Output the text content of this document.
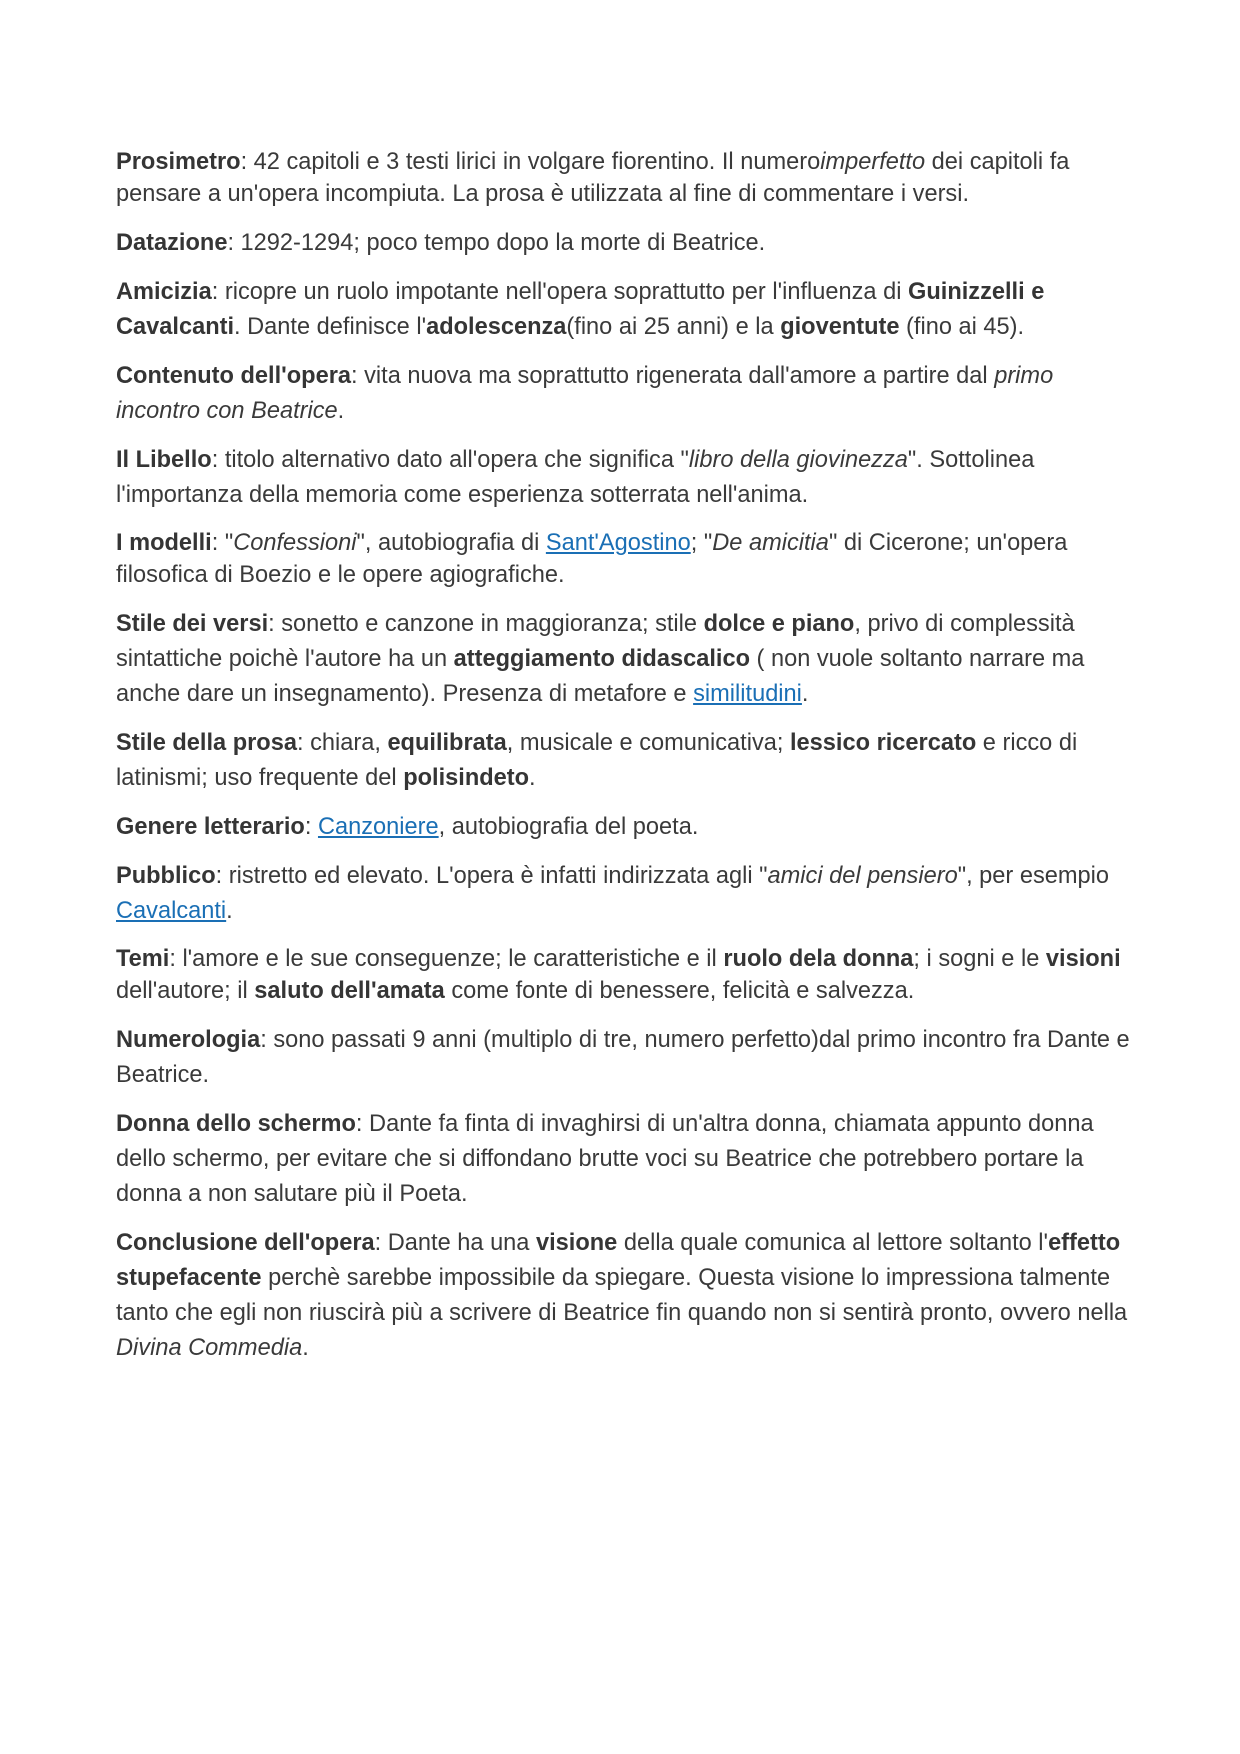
Prosimetro: 42 capitoli e 3 testi lirici in volgare fiorentino. Il numeroimperfetto dei capitoli fa pensare a un'opera incompiuta. La prosa è utilizzata al fine di commentare i versi.

Datazione: 1292-1294; poco tempo dopo la morte di Beatrice.

Amicizia: ricopre un ruolo impotante nell'opera soprattutto per l'influenza di Guinizzelli e Cavalcanti. Dante definisce l'adolescenza(fino ai 25 anni) e la gioventute (fino ai 45).

Contenuto dell'opera: vita nuova ma soprattutto rigenerata dall'amore a partire dal primo incontro con Beatrice.

Il Libello: titolo alternativo dato all'opera che significa "libro della giovinezza". Sottolinea l'importanza della memoria come esperienza sotterrata nell'anima.

I modelli: "Confessioni", autobiografia di Sant'Agostino; "De amicitia" di Cicerone; un'opera filosofica di Boezio e le opere agiografiche.

Stile dei versi: sonetto e canzone in maggioranza; stile dolce e piano, privo di complessità sintattiche poichè l'autore ha un atteggiamento didascalico ( non vuole soltanto narrare ma anche dare un insegnamento). Presenza di metafore e similitudini.

Stile della prosa: chiara, equilibrata, musicale e comunicativa; lessico ricercato e ricco di latinismi; uso frequente del polisindeto.

Genere letterario: Canzoniere, autobiografia del poeta.

Pubblico: ristretto ed elevato. L'opera è infatti indirizzata agli "amici del pensiero", per esempio Cavalcanti.

Temi: l'amore e le sue conseguenze; le caratteristiche e il ruolo dela donna; i sogni e le visioni dell'autore; il saluto dell'amata come fonte di benessere, felicità e salvezza.

Numerologia: sono passati 9 anni (multiplo di tre, numero perfetto)dal primo incontro fra Dante e Beatrice.

Donna dello schermo: Dante fa finta di invaghirsi di un'altra donna, chiamata appunto donna dello schermo, per evitare che si diffondano brutte voci su Beatrice che potrebbero portare la donna a non salutare più il Poeta.

Conclusione dell'opera: Dante ha una visione della quale comunica al lettore soltanto l'effetto stupefacente perchè sarebbe impossibile da spiegare. Questa visione lo impressiona talmente tanto che egli non riuscirà più a scrivere di Beatrice fin quando non si sentirà pronto, ovvero nella Divina Commedia.
